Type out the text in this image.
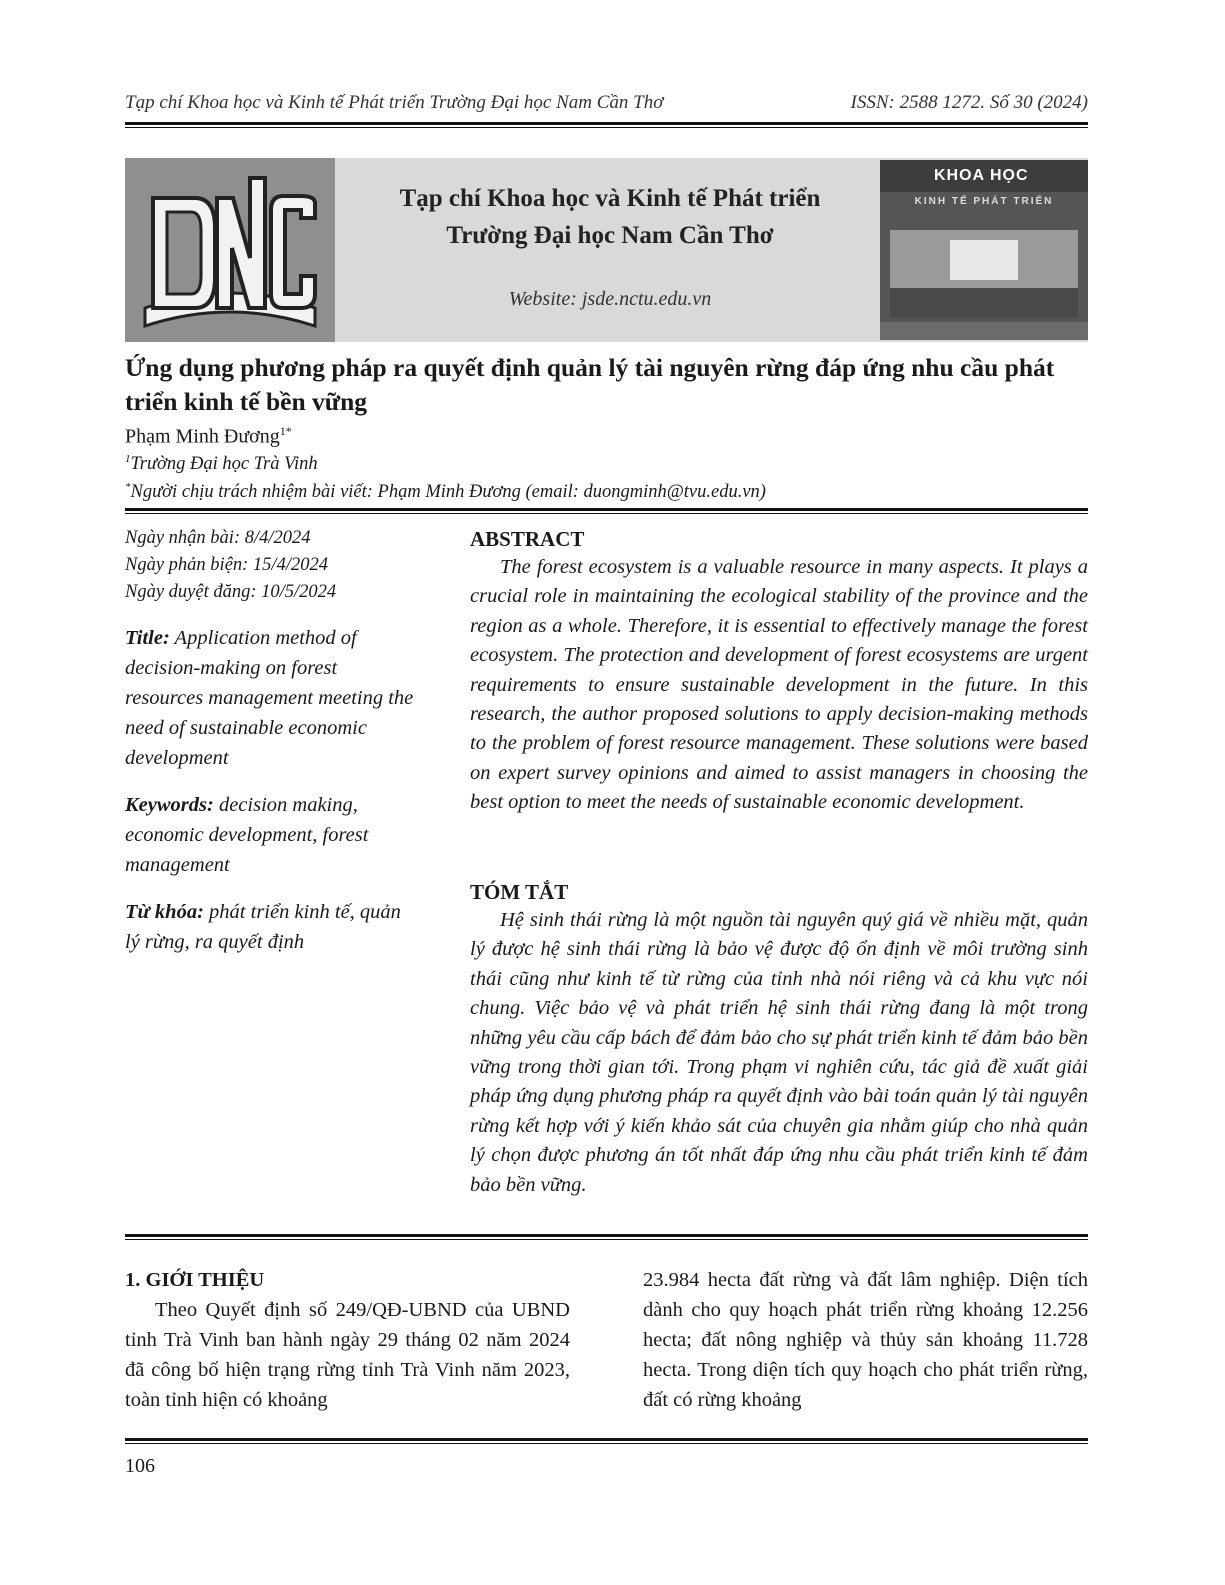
Tạp chí Khoa học và Kinh tế Phát triển Trường Đại học Nam Cần Thơ	ISSN: 2588 1272. Số 30 (2024)
Tạp chí Khoa học và Kinh tế Phát triển
Trường Đại học Nam Cần Thơ
Website: jsde.nctu.edu.vn
KHOA HỌC
KINH TẾ PHÁT TRIỂN
Ứng dụng phương pháp ra quyết định quản lý tài nguyên rừng đáp ứng nhu cầu phát triển kinh tế bền vững
Phạm Minh Đương$^{1*}$
$^1$Trường Đại học Trà Vinh
*Người chịu trách nhiệm bài viết: Phạm Minh Đương (email: duongminh@tvu.edu.vn)
Ngày nhận bài: 8/4/2024
Ngày phản biện: 15/4/2024
Ngày duyệt đăng: 10/5/2024
Title: Application method of decision-making on forest resources management meeting the need of sustainable economic development
Keywords: decision making, economic development, forest management
Từ khóa: phát triển kinh tế, quản lý rừng, ra quyết định
ABSTRACT

The forest ecosystem is a valuable resource in many aspects. It plays a crucial role in maintaining the ecological stability of the province and the region as a whole. Therefore, it is essential to effectively manage the forest ecosystem. The protection and development of forest ecosystems are urgent requirements to ensure sustainable development in the future. In this research, the author proposed solutions to apply decision-making methods to the problem of forest resource management. These solutions were based on expert survey opinions and aimed to assist managers in choosing the best option to meet the needs of sustainable economic development.

TÓM TẮT

Hệ sinh thái rừng là một nguồn tài nguyên quý giá về nhiều mặt, quản lý được hệ sinh thái rừng là bảo vệ được độ ổn định về môi trường sinh thái cũng như kinh tế từ rừng của tỉnh nhà nói riêng và cả khu vực nói chung. Việc bảo vệ và phát triển hệ sinh thái rừng đang là một trong những yêu cầu cấp bách để đảm bảo cho sự phát triển kinh tế đảm bảo bền vững trong thời gian tới. Trong phạm vi nghiên cứu, tác giả đề xuất giải pháp ứng dụng phương pháp ra quyết định vào bài toán quản lý tài nguyên rừng kết hợp với ý kiến khảo sát của chuyên gia nhằm giúp cho nhà quản lý chọn được phương án tốt nhất đáp ứng nhu cầu phát triển kinh tế đảm bảo bền vững.

1. GIỚI THIỆU

Theo Quyết định số 249/QĐ-UBND của UBND tỉnh Trà Vinh ban hành ngày 29 tháng 02 năm 2024 đã công bố hiện trạng rừng tỉnh Trà Vinh năm 2023, toàn tỉnh hiện có khoảng

23.984 hecta đất rừng và đất lâm nghiệp. Diện tích dành cho quy hoạch phát triển rừng khoảng 12.256 hecta; đất nông nghiệp và thủy sản khoảng 11.728 hecta. Trong diện tích quy hoạch cho phát triển rừng, đất có rừng khoảng

106
